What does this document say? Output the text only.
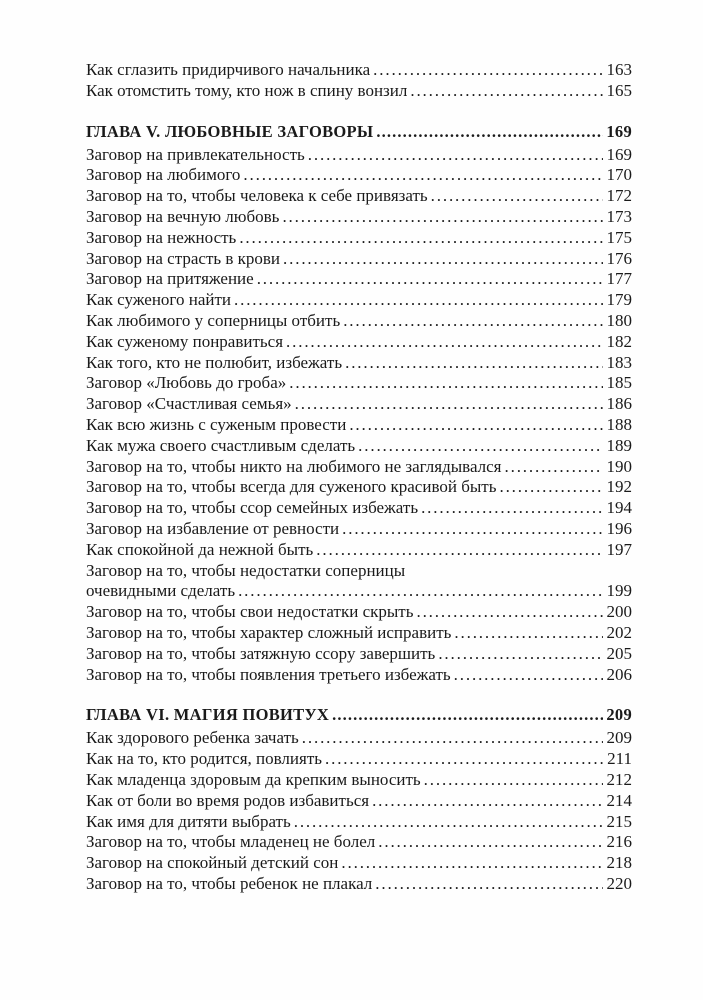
Как сглазить придирчивого начальника . . .	163
Как отомстить тому, кто нож в спину вонзил . . .	165
ГЛАВА V. ЛЮБОВНЫЕ ЗАГОВОРЫ . . .	169
Заговор на привлекательность . . .	169
Заговор на любимого . . .	170
Заговор на то, чтобы человека к себе привязать . . .	172
Заговор на вечную любовь . . .	173
Заговор на нежность . . .	175
Заговор на страсть в крови . . .	176
Заговор на притяжение . . .	177
Как суженого найти . . .	179
Как любимого у соперницы отбить . . .	180
Как суженому понравиться . . .	182
Как того, кто не полюбит, избежать . . .	183
Заговор «Любовь до гроба» . . .	185
Заговор «Счастливая семья» . . .	186
Как всю жизнь с суженым провести . . .	188
Как мужа своего счастливым сделать . . .	189
Заговор на то, чтобы никто на любимого не заглядывался . . .	190
Заговор на то, чтобы всегда для суженого красивой быть . . .	192
Заговор на то, чтобы ссор семейных избежать . . .	194
Заговор на избавление от ревности . . .	196
Как спокойной да нежной быть . . .	197
Заговор на то, чтобы недостатки соперницы
очевидными сделать . . .	199
Заговор на то, чтобы свои недостатки скрыть . . .	200
Заговор на то, чтобы характер сложный исправить . . .	202
Заговор на то, чтобы затяжную ссору завершить . . .	205
Заговор на то, чтобы появления третьего избежать . . .	206
ГЛАВА VI. МАГИЯ ПОВИТУХ . . .	209
Как здорового ребенка зачать . . .	209
Как на то, кто родится, повлиять . . .	211
Как младенца здоровым да крепким выносить . . .	212
Как от боли во время родов избавиться . . .	214
Как имя для дитяти выбрать . . .	215
Заговор на то, чтобы младенец не болел . . .	216
Заговор на спокойный детский сон . . .	218
Заговор на то, чтобы ребенок не плакал . . .	220
